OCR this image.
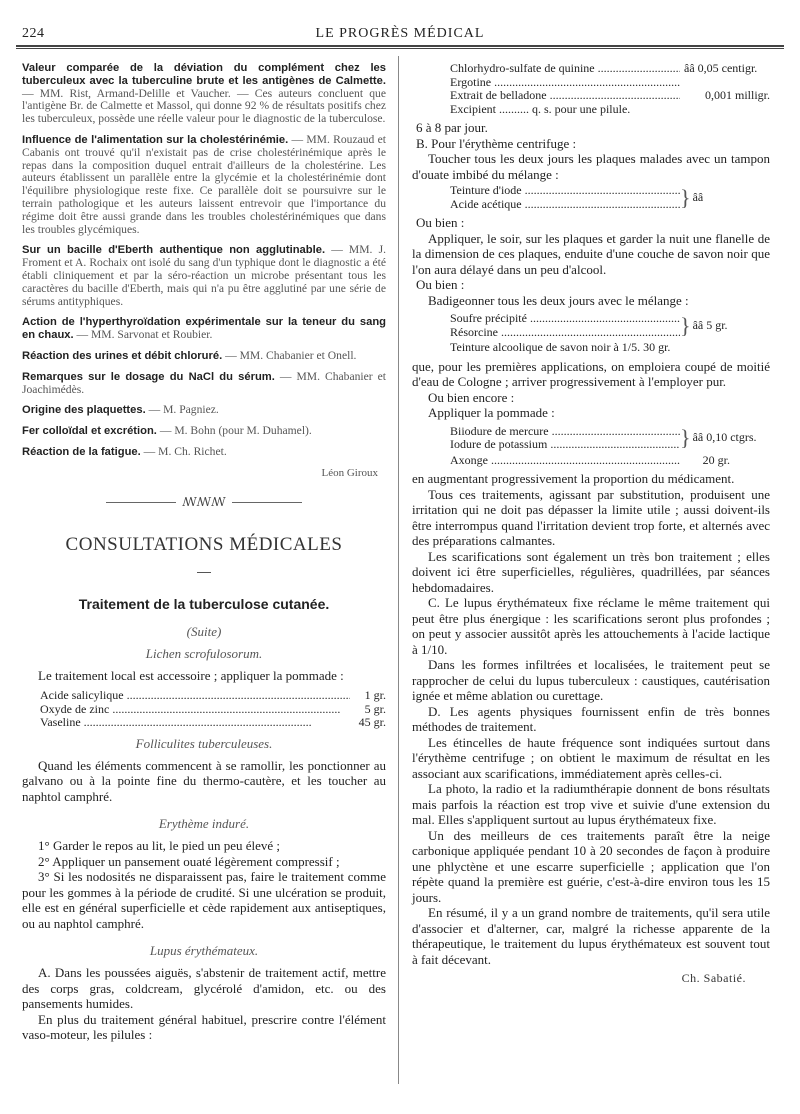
224	LE PROGRÈS MÉDICAL

Valeur comparée de la déviation du complément chez les tuberculeux avec la tuberculine brute et les antigènes de Calmette. — MM. Rist, Armand-Delille et Vaucher. — Ces auteurs concluent que l'antigène Br. de Calmette et Massol, qui donne 92 % de résultats positifs chez les tuberculeux, possède une réelle valeur pour le diagnostic de la tuberculose.

Influence de l'alimentation sur la cholestérinémie. — MM. Rouzaud et Cabanis ont trouvé qu'il n'existait pas de crise cholestérinémique après le repas dans la composition duquel entrait d'ailleurs de la cholestérine. Les auteurs établissent un parallèle entre la glycémie et la cholestérinémie dont l'équilibre physiologique reste fixe. Ce parallèle doit se poursuivre sur le terrain pathologique et les auteurs laissent entrevoir que l'importance du régime doit être aussi grande dans les troubles cholestérinémiques que dans les troubles glycémiques.

Sur un bacille d'Eberth authentique non agglutinable. — MM. J. Froment et A. Rochaix ont isolé du sang d'un typhique dont le diagnostic a été établi cliniquement et par la séro-réaction un microbe présentant tous les caractères du bacille d'Eberth, mais qui n'a pu être agglutiné par une série de sérums antityphiques.

Action de l'hyperthyroïdation expérimentale sur la teneur du sang en chaux. — MM. Sarvonat et Roubier.

Réaction des urines et débit chloruré. — MM. Chabanier et Onell.

Remarques sur le dosage du NaCl du sérum. — MM. Chabanier et Joachimédès.

Origine des plaquettes. — M. Pagniez.

Fer colloïdal et excrétion. — M. Bohn (pour M. Duhamel).

Réaction de la fatigue. — M. Ch. Richet.

Léon Giroux
ꟿꟿꟿ
CONSULTATIONS MÉDICALES
Traitement de la tuberculose cutanée.
(Suite)
Lichen scrofulosorum.

Le traitement local est accessoire ; appliquer la pommade :

Acide salicylique .....	1 gr.
Oxyde de zinc .....	5 gr.
Vaseline .....	45 gr.
Folliculites tuberculeuses.

Quand les éléments commencent à se ramollir, les ponctionner au galvano ou à la pointe fine du thermo-cautère, et les toucher au naphtol camphré.

Erythème induré.

1° Garder le repos au lit, le pied un peu élevé ;

2° Appliquer un pansement ouaté légèrement compressif ;

3° Si les nodosités ne disparaissent pas, faire le traitement comme pour les gommes à la période de crudité. Si une ulcération se produit, elle est en général superficielle et cède rapidement aux antiseptiques, ou au naphtol camphré.

Lupus érythémateux.

A. Dans les poussées aiguës, s'abstenir de traitement actif, mettre des corps gras, coldcream, glycérolé d'amidon, etc. ou des pansements humides.

En plus du traitement général habituel, prescrire contre l'élément vaso-moteur, les pilules :

Chlorhydro-sulfate de quinine .....	ââ 0,05 centigr.
Ergotine .....
Extrait de belladone .....	0,001 milligr.
Excipient .......... q. s. pour une pilule.

6 à 8 par jour.

B. Pour l'érythème centrifuge :

Toucher tous les deux jours les plaques malades avec un tampon d'ouate imbibé du mélange :

Teinture d'iode .....
Acide acétique .....	} ââ

Ou bien :

Appliquer, le soir, sur les plaques et garder la nuit une flanelle de la dimension de ces plaques, enduite d'une couche de savon noir que l'on aura délayé dans un peu d'alcool.

Ou bien :

Badigeonner tous les deux jours avec le mélange :

Soufre précipité .....
Résorcine .....	} ââ 5 gr.
Teinture alcoolique de savon noir à 1/5. 30 gr.

que, pour les premières applications, on emploiera coupé de moitié d'eau de Cologne ; arriver progressivement à l'employer pur.

Ou bien encore :

Appliquer la pommade :

Biiodure de mercure .....
Iodure de potassium .....	} ââ 0,10 ctgrs.
Axonge .....	20 gr.

en augmentant progressivement la proportion du médicament.

Tous ces traitements, agissant par substitution, produisent une irritation qui ne doit pas dépasser la limite utile ; aussi doivent-ils être interrompus quand l'irritation devient trop forte, et alternés avec des préparations calmantes.

Les scarifications sont également un très bon traitement ; elles doivent ici être superficielles, régulières, quadrillées, par séances hebdomadaires.

C. Le lupus érythémateux fixe réclame le même traitement qui peut être plus énergique : les scarifications seront plus profondes ; on peut y associer aussitôt après les attouchements à l'acide lactique à 1/10.

Dans les formes infiltrées et localisées, le traitement peut se rapprocher de celui du lupus tuberculeux : caustiques, cautérisation ignée et même ablation ou curettage.

D. Les agents physiques fournissent enfin de très bonnes méthodes de traitement.

Les étincelles de haute fréquence sont indiquées surtout dans l'érythème centrifuge ; on obtient le maximum de résultat en les associant aux scarifications, immédiatement après celles-ci.

La photo, la radio et la radiumthérapie donnent de bons résultats mais parfois la réaction est trop vive et suivie d'une extension du mal. Elles s'appliquent surtout au lupus érythémateux fixe.

Un des meilleurs de ces traitements paraît être la neige carbonique appliquée pendant 10 à 20 secondes de façon à produire une phlyctène et une escarre superficielle ; application que l'on répète quand la première est guérie, c'est-à-dire environ tous les 15 jours.

En résumé, il y a un grand nombre de traitements, qu'il sera utile d'associer et d'alterner, car, malgré la richesse apparente de la thérapeutique, le traitement du lupus érythémateux est souvent tout à fait décevant.

Ch. Sabatié.
